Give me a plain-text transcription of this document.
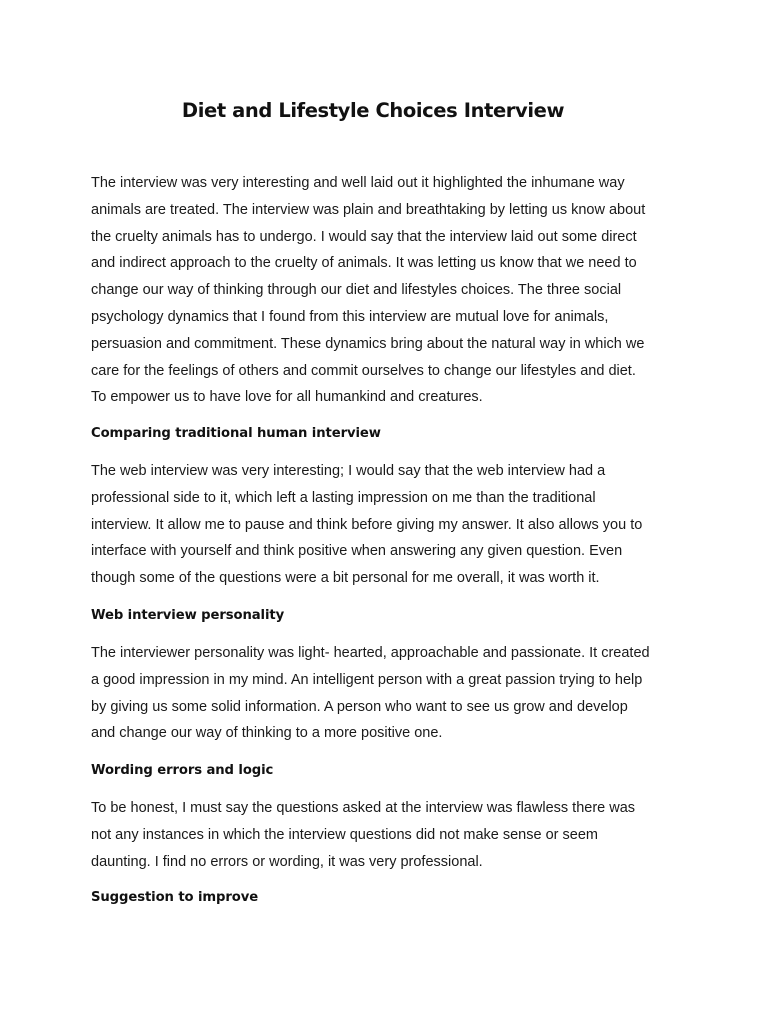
Diet and Lifestyle Choices Interview
The interview was very interesting and well laid out it highlighted the inhumane way
animals are treated. The interview was plain and breathtaking by letting us know about
the cruelty animals has to undergo. I would say that the interview laid out some direct
and indirect approach to the cruelty of animals. It was letting us know that we need to
change our way of thinking through our diet and lifestyles choices. The three social
psychology dynamics that I found from this interview are mutual love for animals,
persuasion and commitment. These dynamics bring about the natural way in which we
care for the feelings of others and commit ourselves to change our lifestyles and diet.
To empower us to have love for all humankind and creatures.
Comparing traditional human interview
The web interview was very interesting; I would say that the web interview had a
professional side to it, which left a lasting impression on me than the traditional
interview. It allow me to pause and think before giving my answer. It also allows you to
interface with yourself and think positive when answering any given question. Even
though some of the questions were a bit personal for me overall, it was worth it.
Web interview personality
The interviewer personality was light- hearted, approachable and passionate. It created
a good impression in my mind. An intelligent person with a great passion trying to help
by giving us some solid information. A person who want to see us grow and develop
and change our way of thinking to a more positive one.
Wording errors and logic
To be honest, I must say the questions asked at the interview was flawless there was
not any instances in which the interview questions did not make sense or seem
daunting. I find no errors or wording, it was very professional.
Suggestion to improve
